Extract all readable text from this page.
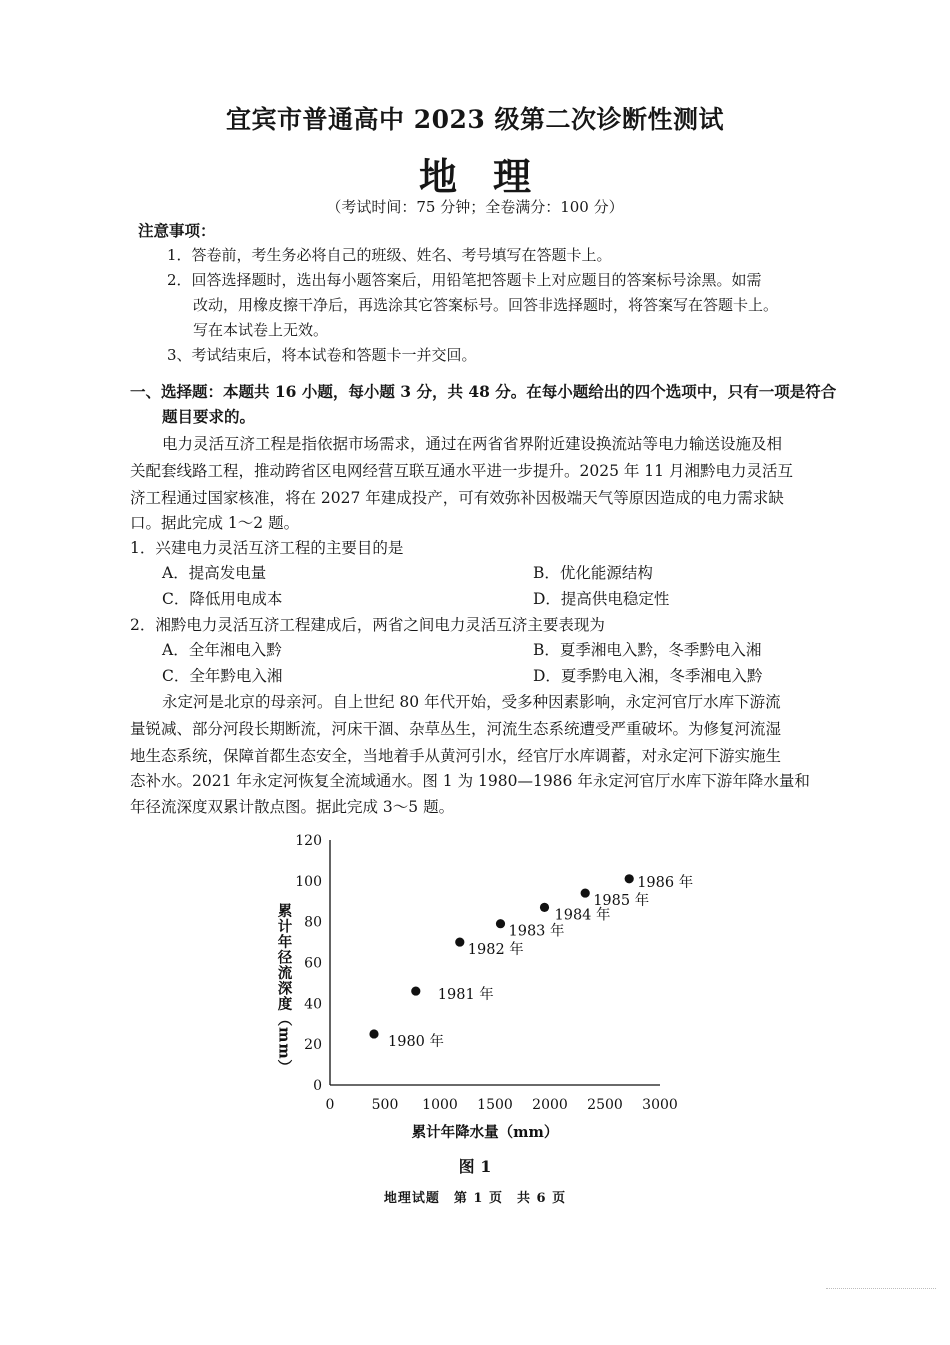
宜宾市普通高中 2023 级第二次诊断性测试
地理
（考试时间：75 分钟；全卷满分：100 分）
注意事项：
1．答卷前，考生务必将自己的班级、姓名、考号填写在答题卡上。
2．回答选择题时，选出每小题答案后，用铅笔把答题卡上对应题目的答案标号涂黑。如需
改动，用橡皮擦干净后，再选涂其它答案标号。回答非选择题时，将答案写在答题卡上。
写在本试卷上无效。
3、考试结束后，将本试卷和答题卡一并交回。
一、选择题：本题共 16 小题，每小题 3 分，共 48 分。在每小题给出的四个选项中，只有一项是符合
题目要求的。
电力灵活互济工程是指依据市场需求，通过在两省省界附近建设换流站等电力输送设施及相
关配套线路工程，推动跨省区电网经营互联互通水平进一步提升。2025 年 11 月湘黔电力灵活互
济工程通过国家核准，将在 2027 年建成投产，可有效弥补因极端天气等原因造成的电力需求缺
口。据此完成 1～2 题。
1．兴建电力灵活互济工程的主要目的是
A．提高发电量	B．优化能源结构
C．降低用电成本	D．提高供电稳定性
2．湘黔电力灵活互济工程建成后，两省之间电力灵活互济主要表现为
A．全年湘电入黔	B．夏季湘电入黔，冬季黔电入湘
C．全年黔电入湘	D．夏季黔电入湘，冬季湘电入黔
永定河是北京的母亲河。自上世纪 80 年代开始，受多种因素影响，永定河官厅水库下游流
量锐减、部分河段长期断流，河床干涸、杂草丛生，河流生态系统遭受严重破坏。为修复河流湿
地生态系统，保障首都生态安全，当地着手从黄河引水，经官厅水库调蓄，对永定河下游实施生
态补水。2021 年永定河恢复全流域通水。图 1 为 1980—1986 年永定河官厅水库下游年降水量和
年径流深度双累计散点图。据此完成 3～5 题。
0	500 1000 1500 2000 2500 3000
0
20
40
60
80
100
120
累计年降水量（mm）
累计年径流深度（mm）	1980 年
1981 年
1982 年
1983 年
1984 年
1985 年
1986 年
图 1
地理试题　第 1 页　共 6 页
